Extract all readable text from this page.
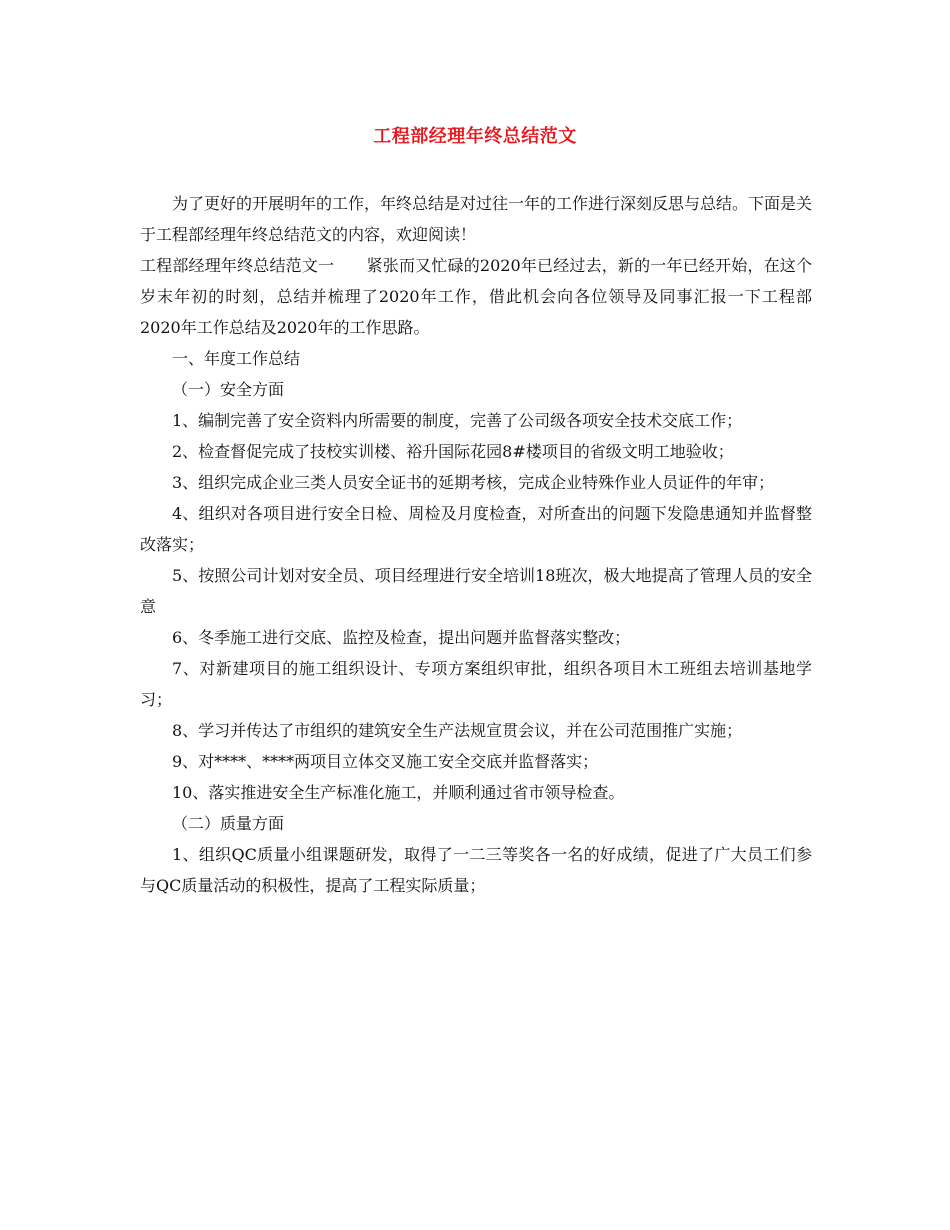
工程部经理年终总结范文

为了更好的开展明年的工作，年终总结是对过往一年的工作进行深刻反思与总结。下面是关于工程部经理年终总结范文的内容，欢迎阅读！

工程部经理年终总结范文一　　紧张而又忙碌的2020年已经过去，新的一年已经开始，在这个岁末年初的时刻，总结并梳理了2020年工作，借此机会向各位领导及同事汇报一下工程部2020年工作总结及2020年的工作思路。

一、年度工作总结

（一）安全方面

1、编制完善了安全资料内所需要的制度，完善了公司级各项安全技术交底工作；

2、检查督促完成了技校实训楼、裕升国际花园8#楼项目的省级文明工地验收；

3、组织完成企业三类人员安全证书的延期考核，完成企业特殊作业人员证件的年审；

4、组织对各项目进行安全日检、周检及月度检查，对所查出的问题下发隐患通知并监督整改落实；

5、按照公司计划对安全员、项目经理进行安全培训18班次，极大地提高了管理人员的安全意

6、冬季施工进行交底、监控及检查，提出问题并监督落实整改；

7、对新建项目的施工组织设计、专项方案组织审批，组织各项目木工班组去培训基地学习；

8、学习并传达了市组织的建筑安全生产法规宣贯会议，并在公司范围推广实施；

9、对****、****两项目立体交叉施工安全交底并监督落实；

10、落实推进安全生产标准化施工，并顺利通过省市领导检查。

（二）质量方面

1、组织QC质量小组课题研发，取得了一二三等奖各一名的好成绩，促进了广大员工们参与QC质量活动的积极性，提高了工程实际质量；
